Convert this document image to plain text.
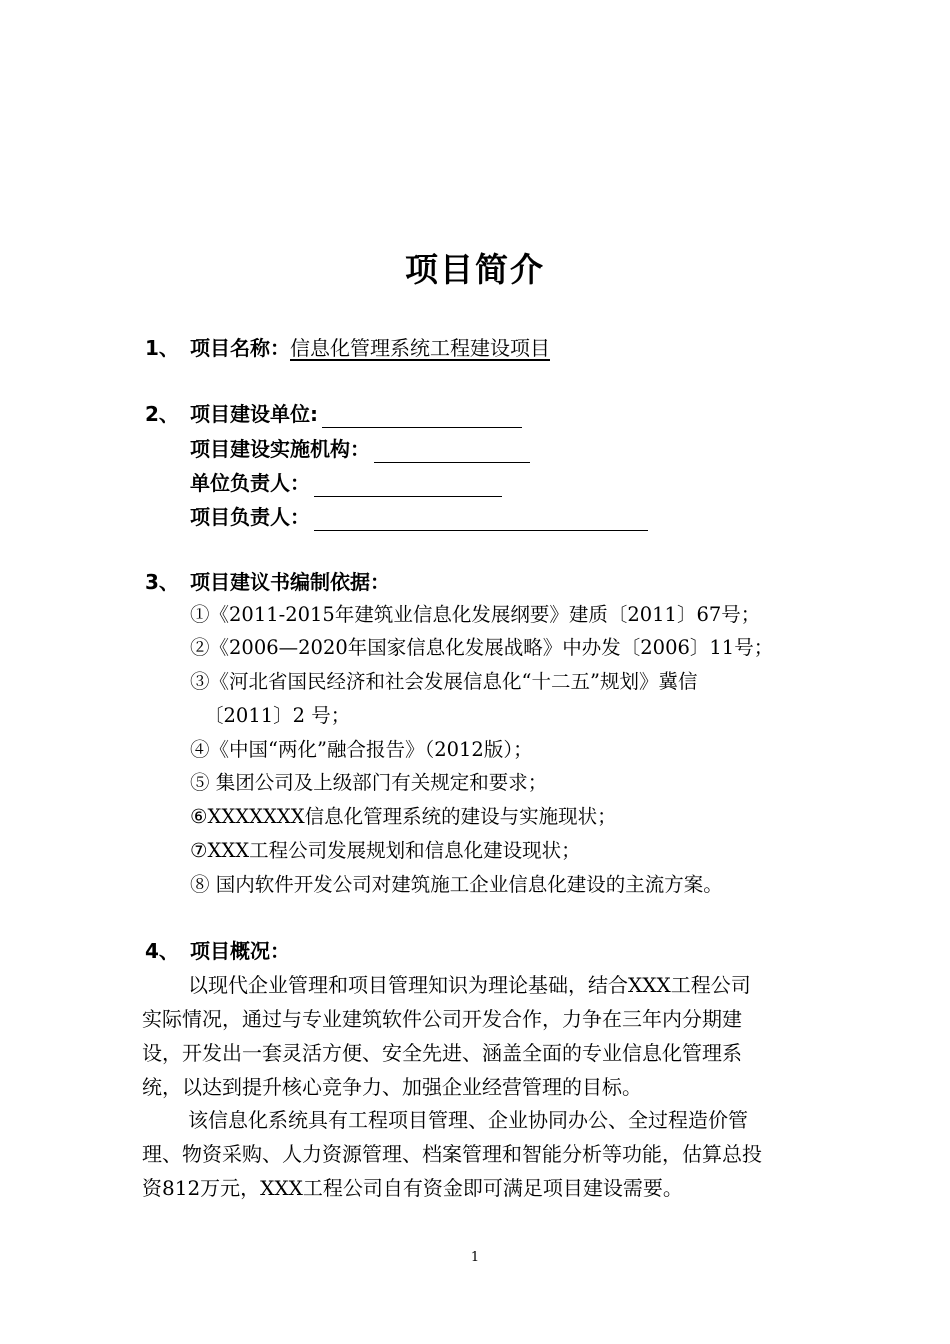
项目简介
1、 项目名称：信息化管理系统工程建设项目
2、 项目建设单位:
项目建设实施机构：
单位负责人：
项目负责人：
3、 项目建议书编制依据：
①《2011-2015年建筑业信息化发展纲要》建质〔2011〕67号；
②《2006—2020年国家信息化发展战略》中办发〔2006〕11号；
③《河北省国民经济和社会发展信息化“十二五”规划》冀信
〔2011〕2 号；
④《中国“两化”融合报告》（2012版）；
⑤ 集团公司及上级部门有关规定和要求；
⑥XXXXXXX信息化管理系统的建设与实施现状；
⑦XXX工程公司发展规划和信息化建设现状；
⑧ 国内软件开发公司对建筑施工企业信息化建设的主流方案。
4、 项目概况：
以现代企业管理和项目管理知识为理论基础，结合XXX工程公司
实际情况，通过与专业建筑软件公司开发合作，力争在三年内分期建
设，开发出一套灵活方便、安全先进、涵盖全面的专业信息化管理系
统，以达到提升核心竞争力、加强企业经营管理的目标。
该信息化系统具有工程项目管理、企业协同办公、全过程造价管
理、物资采购、人力资源管理、档案管理和智能分析等功能，估算总投
资812万元，XXX工程公司自有资金即可满足项目建设需要。
1
